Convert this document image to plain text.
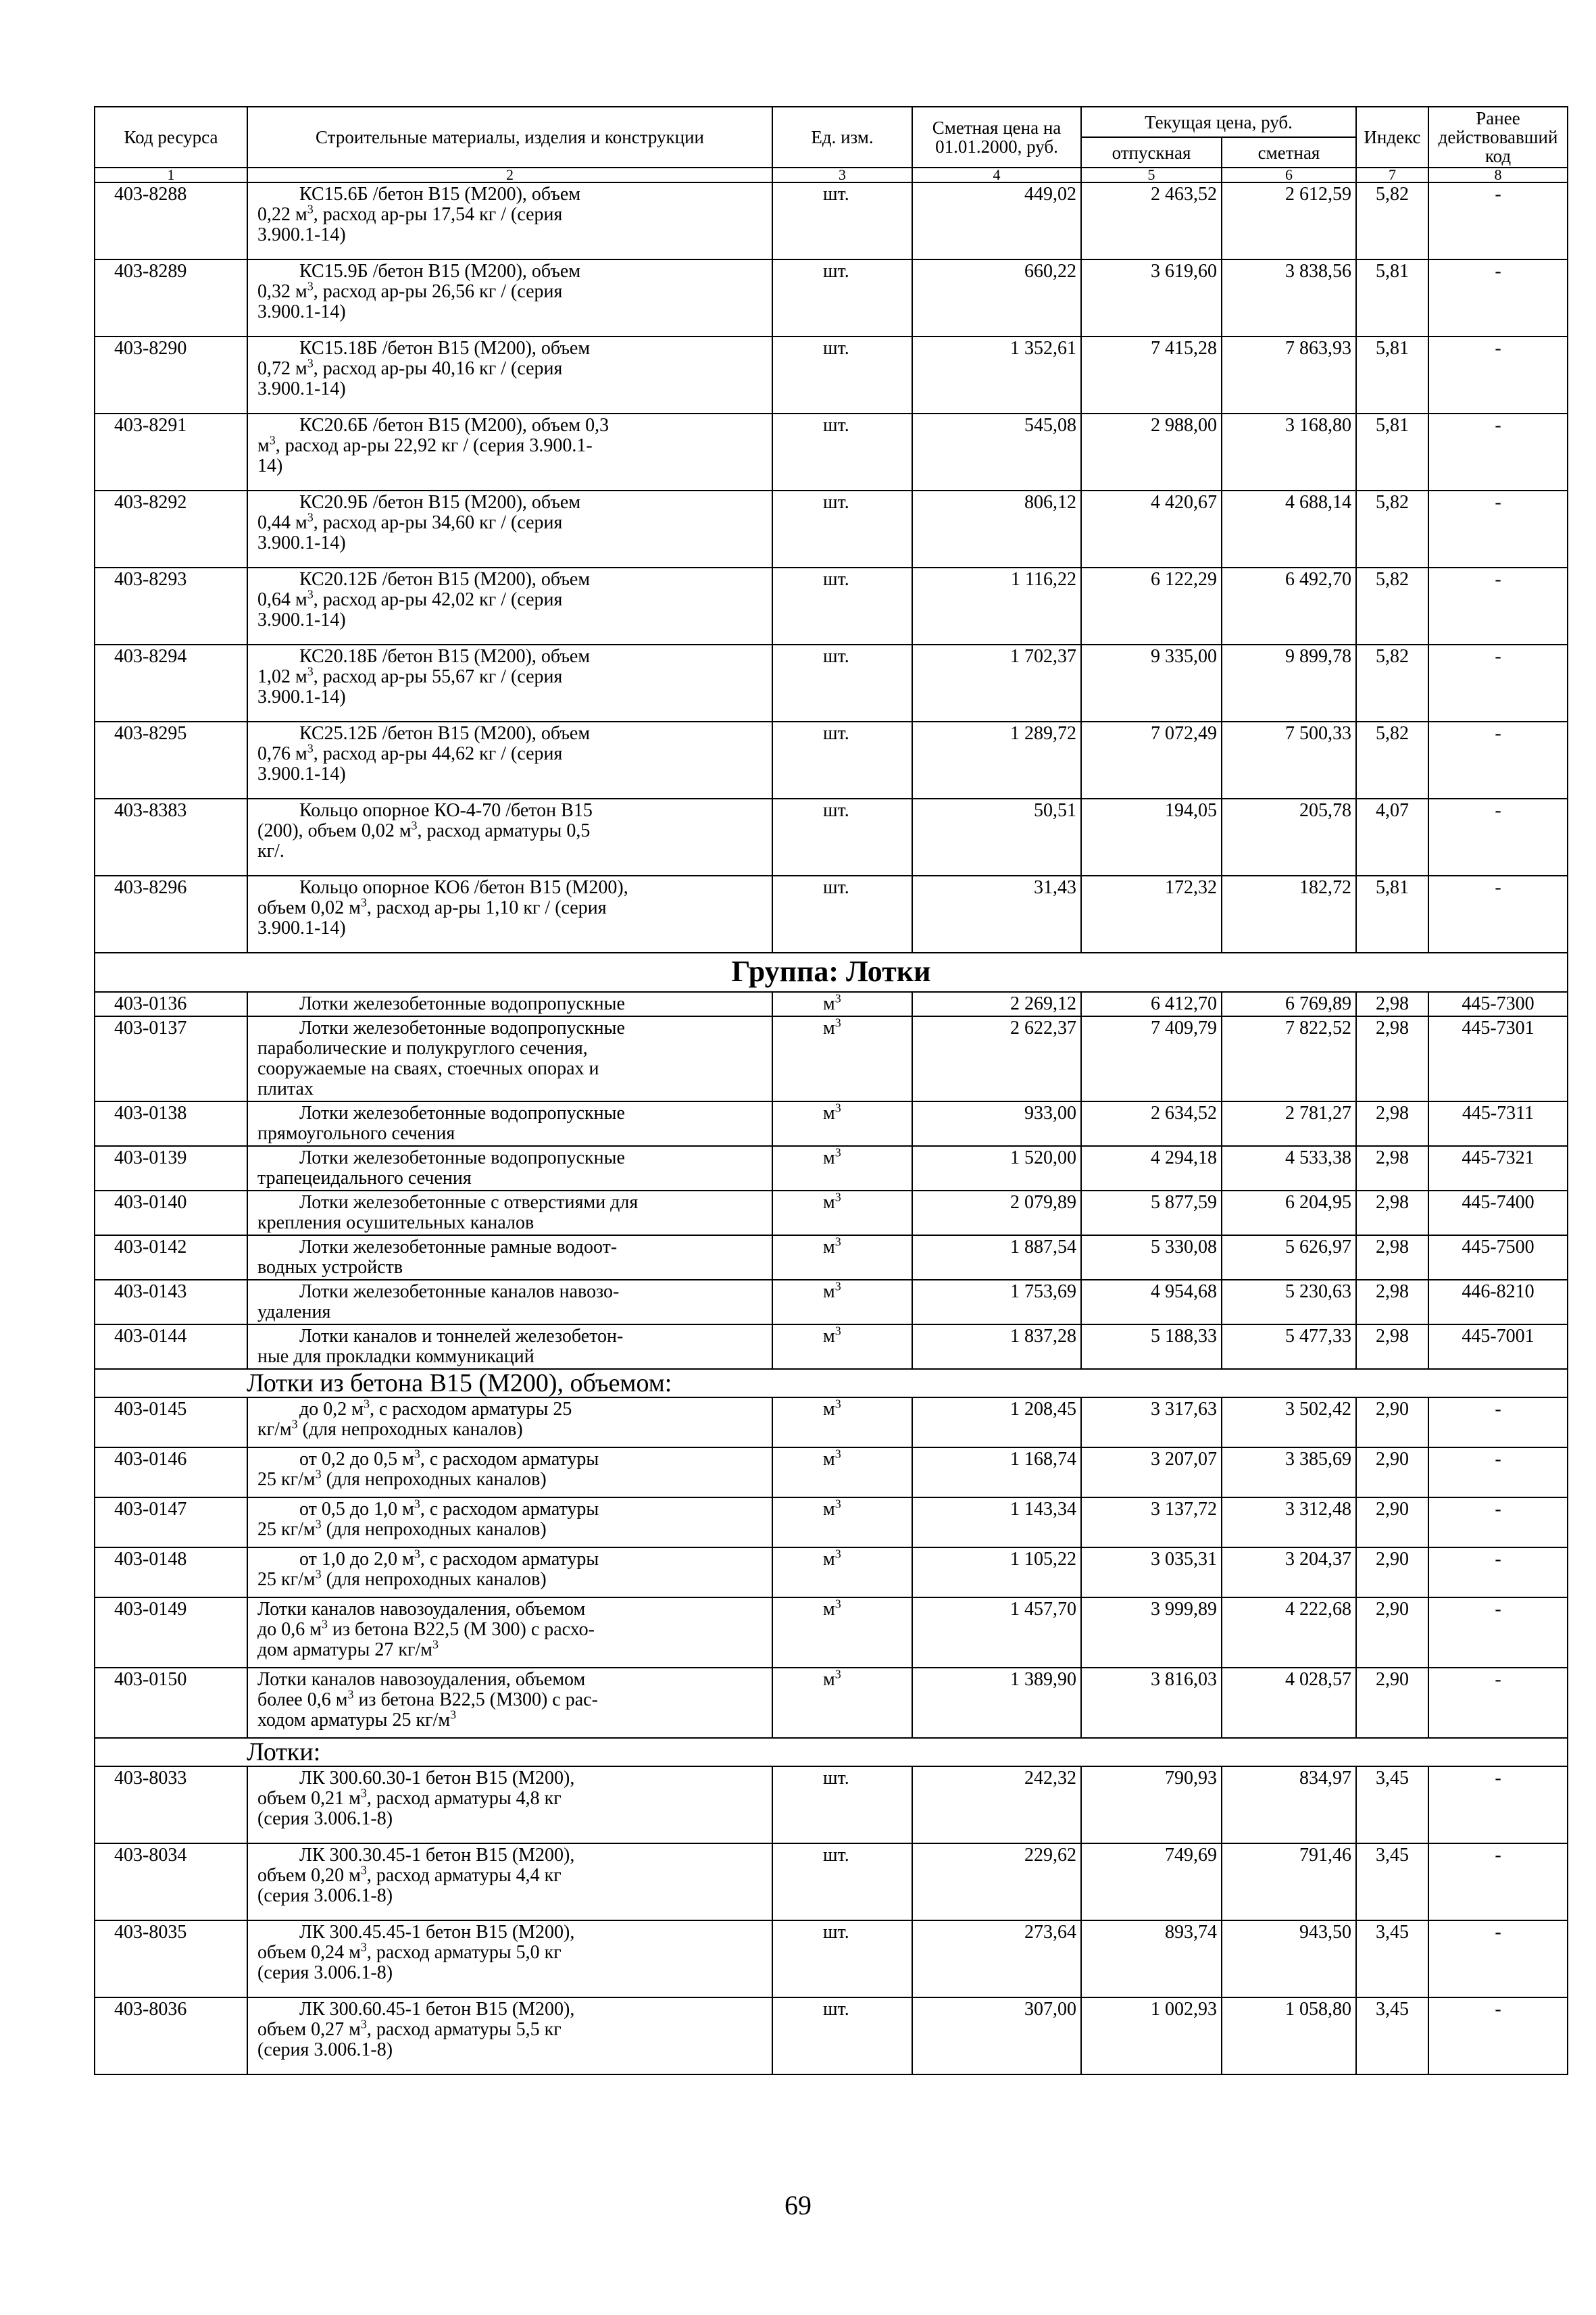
Код ресурса	Строительные материалы, изделия и конструкции	Ед. изм.	Сметная цена на 01.01.2000, руб.	Текущая цена, руб.		Индекс	Ранее действовавший код
				отпускная	сметная		
1	2	3	4	5	6	7	8
403-8288	КС15.6Б /бетон В15 (М200), объем
0,22 $м^3$, расход ар-ры 17,54 кг / (серия
3.900.1-14)	шт.	449,02	2 463,52	2 612,59	5,82	-
403-8289	КС15.9Б /бетон В15 (М200), объем
0,32 $м^3$, расход ар-ры 26,56 кг / (серия
3.900.1-14)	шт.	660,22	3 619,60	3 838,56	5,81	-
403-8290	КС15.18Б /бетон В15 (М200), объем
0,72 $м^3$, расход ар-ры 40,16 кг / (серия
3.900.1-14)	шт.	1 352,61	7 415,28	7 863,93	5,81	-
403-8291	КС20.6Б /бетон В15 (М200), объем 0,3
$м^3$, расход ар-ры 22,92 кг / (серия 3.900.1-
14)	шт.	545,08	2 988,00	3 168,80	5,81	-
403-8292	КС20.9Б /бетон В15 (М200), объем
0,44 $м^3$, расход ар-ры 34,60 кг / (серия
3.900.1-14)	шт.	806,12	4 420,67	4 688,14	5,82	-
403-8293	КС20.12Б /бетон В15 (М200), объем
0,64 $м^3$, расход ар-ры 42,02 кг / (серия
3.900.1-14)	шт.	1 116,22	6 122,29	6 492,70	5,82	-
403-8294	КС20.18Б /бетон В15 (М200), объем
1,02 $м^3$, расход ар-ры 55,67 кг / (серия
3.900.1-14)	шт.	1 702,37	9 335,00	9 899,78	5,82	-
403-8295	КС25.12Б /бетон В15 (М200), объем
0,76 $м^3$, расход ар-ры 44,62 кг / (серия
3.900.1-14)	шт.	1 289,72	7 072,49	7 500,33	5,82	-
403-8383	Кольцо опорное КО-4-70 /бетон В15
(200), объем 0,02 $м^3$, расход арматуры 0,5
кг/.	шт.	50,51	194,05	205,78	4,07	-
403-8296	Кольцо опорное КО6 /бетон В15 (М200),
объем 0,02 $м^3$, расход ар-ры 1,10 кг / (серия
3.900.1-14)	шт.	31,43	172,32	182,72	5,81	-
Группа: Лотки							
403-0136	Лотки железобетонные водопропускные	$м^3$	2 269,12	6 412,70	6 769,89	2,98	445-7300
403-0137	Лотки железобетонные водопропускные
параболические и полукруглого сечения,
сооружаемые на сваях, стоечных опорах и
плитах	$м^3$	2 622,37	7 409,79	7 822,52	2,98	445-7301
403-0138	Лотки железобетонные водопропускные
прямоугольного сечения	$м^3$	933,00	2 634,52	2 781,27	2,98	445-7311
403-0139	Лотки железобетонные водопропускные
трапецеидального сечения	$м^3$	1 520,00	4 294,18	4 533,38	2,98	445-7321
403-0140	Лотки железобетонные с отверстиями для
крепления осушительных каналов	$м^3$	2 079,89	5 877,59	6 204,95	2,98	445-7400
403-0142	Лотки железобетонные рамные водоот-
водных устройств	$м^3$	1 887,54	5 330,08	5 626,97	2,98	445-7500
403-0143	Лотки железобетонные каналов навозо-
удаления	$м^3$	1 753,69	4 954,68	5 230,63	2,98	446-8210
403-0144	Лотки каналов и тоннелей железобетон-
ные для прокладки коммуникаций	$м^3$	1 837,28	5 188,33	5 477,33	2,98	445-7001
Лотки из бетона В15 (М200), объемом:							
403-0145	до 0,2 $м^3$, с расходом арматуры 25
$кг/м^3$ (для непроходных каналов)	$м^3$	1 208,45	3 317,63	3 502,42	2,90	-
403-0146	от 0,2 до 0,5 $м^3$, с расходом арматуры
25 $кг/м^3$ (для непроходных каналов)	$м^3$	1 168,74	3 207,07	3 385,69	2,90	-
403-0147	от 0,5 до 1,0 $м^3$, с расходом арматуры
25 $кг/м^3$ (для непроходных каналов)	$м^3$	1 143,34	3 137,72	3 312,48	2,90	-
403-0148	от 1,0 до 2,0 $м^3$, с расходом арматуры
25 $кг/м^3$ (для непроходных каналов)	$м^3$	1 105,22	3 035,31	3 204,37	2,90	-
403-0149	Лотки каналов навозоудаления, объемом
до 0,6 $м^3$ из бетона В22,5 (М 300) с расхо-
дом арматуры 27 $кг/м^3$	$м^3$	1 457,70	3 999,89	4 222,68	2,90	-
403-0150	Лотки каналов навозоудаления, объемом
более 0,6 $м^3$ из бетона В22,5 (М300) с рас-
ходом арматуры 25 $кг/м^3$	$м^3$	1 389,90	3 816,03	4 028,57	2,90	-
Лотки:							
403-8033	ЛК 300.60.30-1 бетон В15 (М200),
объем 0,21 $м^3$, расход арматуры 4,8 кг
(серия 3.006.1-8)	шт.	242,32	790,93	834,97	3,45	-
403-8034	ЛК 300.30.45-1 бетон В15 (М200),
объем 0,20 $м^3$, расход арматуры 4,4 кг
(серия 3.006.1-8)	шт.	229,62	749,69	791,46	3,45	-
403-8035	ЛК 300.45.45-1 бетон В15 (М200),
объем 0,24 $м^3$, расход арматуры 5,0 кг
(серия 3.006.1-8)	шт.	273,64	893,74	943,50	3,45	-
403-8036	ЛК 300.60.45-1 бетон В15 (М200),
объем 0,27 $м^3$, расход арматуры 5,5 кг
(серия 3.006.1-8)	шт.	307,00	1 002,93	1 058,80	3,45	-
69
